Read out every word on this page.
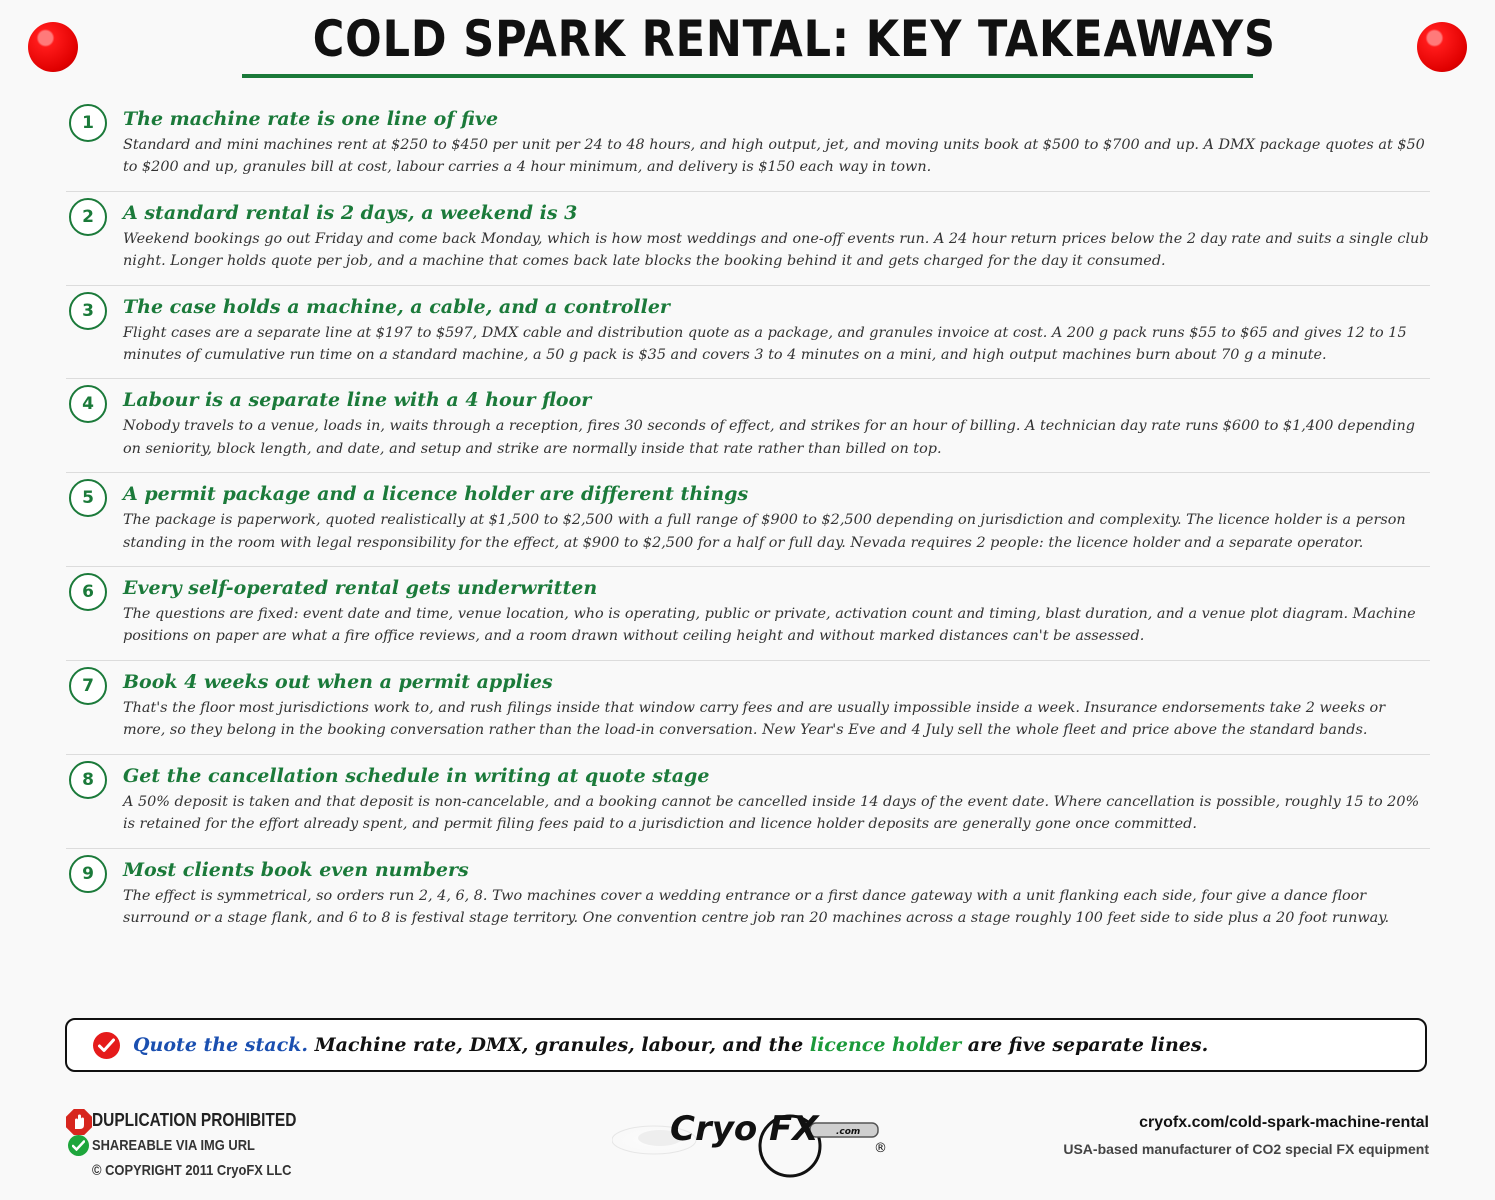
COLD SPARK RENTAL: KEY TAKEAWAYS
1	The machine rate is one line of five
Standard and mini machines rent at $250 to $450 per unit per 24 to 48 hours, and high output, jet, and moving units book at $500 to $700 and up. A DMX package quotes at $50 to $200 and up, granules bill at cost, labour carries a 4 hour minimum, and delivery is $150 each way in town.
2	A standard rental is 2 days, a weekend is 3
Weekend bookings go out Friday and come back Monday, which is how most weddings and one-off events run. A 24 hour return prices below the 2 day rate and suits a single club night. Longer holds quote per job, and a machine that comes back late blocks the booking behind it and gets charged for the day it consumed.
3	The case holds a machine, a cable, and a controller
Flight cases are a separate line at $197 to $597, DMX cable and distribution quote as a package, and granules invoice at cost. A 200 g pack runs $55 to $65 and gives 12 to 15 minutes of cumulative run time on a standard machine, a 50 g pack is $35 and covers 3 to 4 minutes on a mini, and high output machines burn about 70 g a minute.
4	Labour is a separate line with a 4 hour floor
Nobody travels to a venue, loads in, waits through a reception, fires 30 seconds of effect, and strikes for an hour of billing. A technician day rate runs $600 to $1,400 depending on seniority, block length, and date, and setup and strike are normally inside that rate rather than billed on top.
5	A permit package and a licence holder are different things
The package is paperwork, quoted realistically at $1,500 to $2,500 with a full range of $900 to $2,500 depending on jurisdiction and complexity. The licence holder is a person standing in the room with legal responsibility for the effect, at $900 to $2,500 for a half or full day. Nevada requires 2 people: the licence holder and a separate operator.
6	Every self-operated rental gets underwritten
The questions are fixed: event date and time, venue location, who is operating, public or private, activation count and timing, blast duration, and a venue plot diagram. Machine positions on paper are what a fire office reviews, and a room drawn without ceiling height and without marked distances can't be assessed.
7	Book 4 weeks out when a permit applies
That's the floor most jurisdictions work to, and rush filings inside that window carry fees and are usually impossible inside a week. Insurance endorsements take 2 weeks or more, so they belong in the booking conversation rather than the load-in conversation. New Year's Eve and 4 July sell the whole fleet and price above the standard bands.
8	Get the cancellation schedule in writing at quote stage
A 50% deposit is taken and that deposit is non-cancelable, and a booking cannot be cancelled inside 14 days of the event date. Where cancellation is possible, roughly 15 to 20% is retained for the effort already spent, and permit filing fees paid to a jurisdiction and licence holder deposits are generally gone once committed.
9	Most clients book even numbers
The effect is symmetrical, so orders run 2, 4, 6, 8. Two machines cover a wedding entrance or a first dance gateway with a unit flanking each side, four give a dance floor surround or a stage flank, and 6 to 8 is festival stage territory. One convention centre job ran 20 machines across a stage roughly 100 feet side to side plus a 20 foot runway.
Quote the stack. Machine rate, DMX, granules, labour, and the licence holder are five separate lines.
DUPLICATION PROHIBITED
SHAREABLE VIA IMG URL
© COPYRIGHT 2011 CryoFX LLC
.com
Cryo FX	®
cryofx.com/cold-spark-machine-rental
USA-based manufacturer of CO2 special FX equipment
